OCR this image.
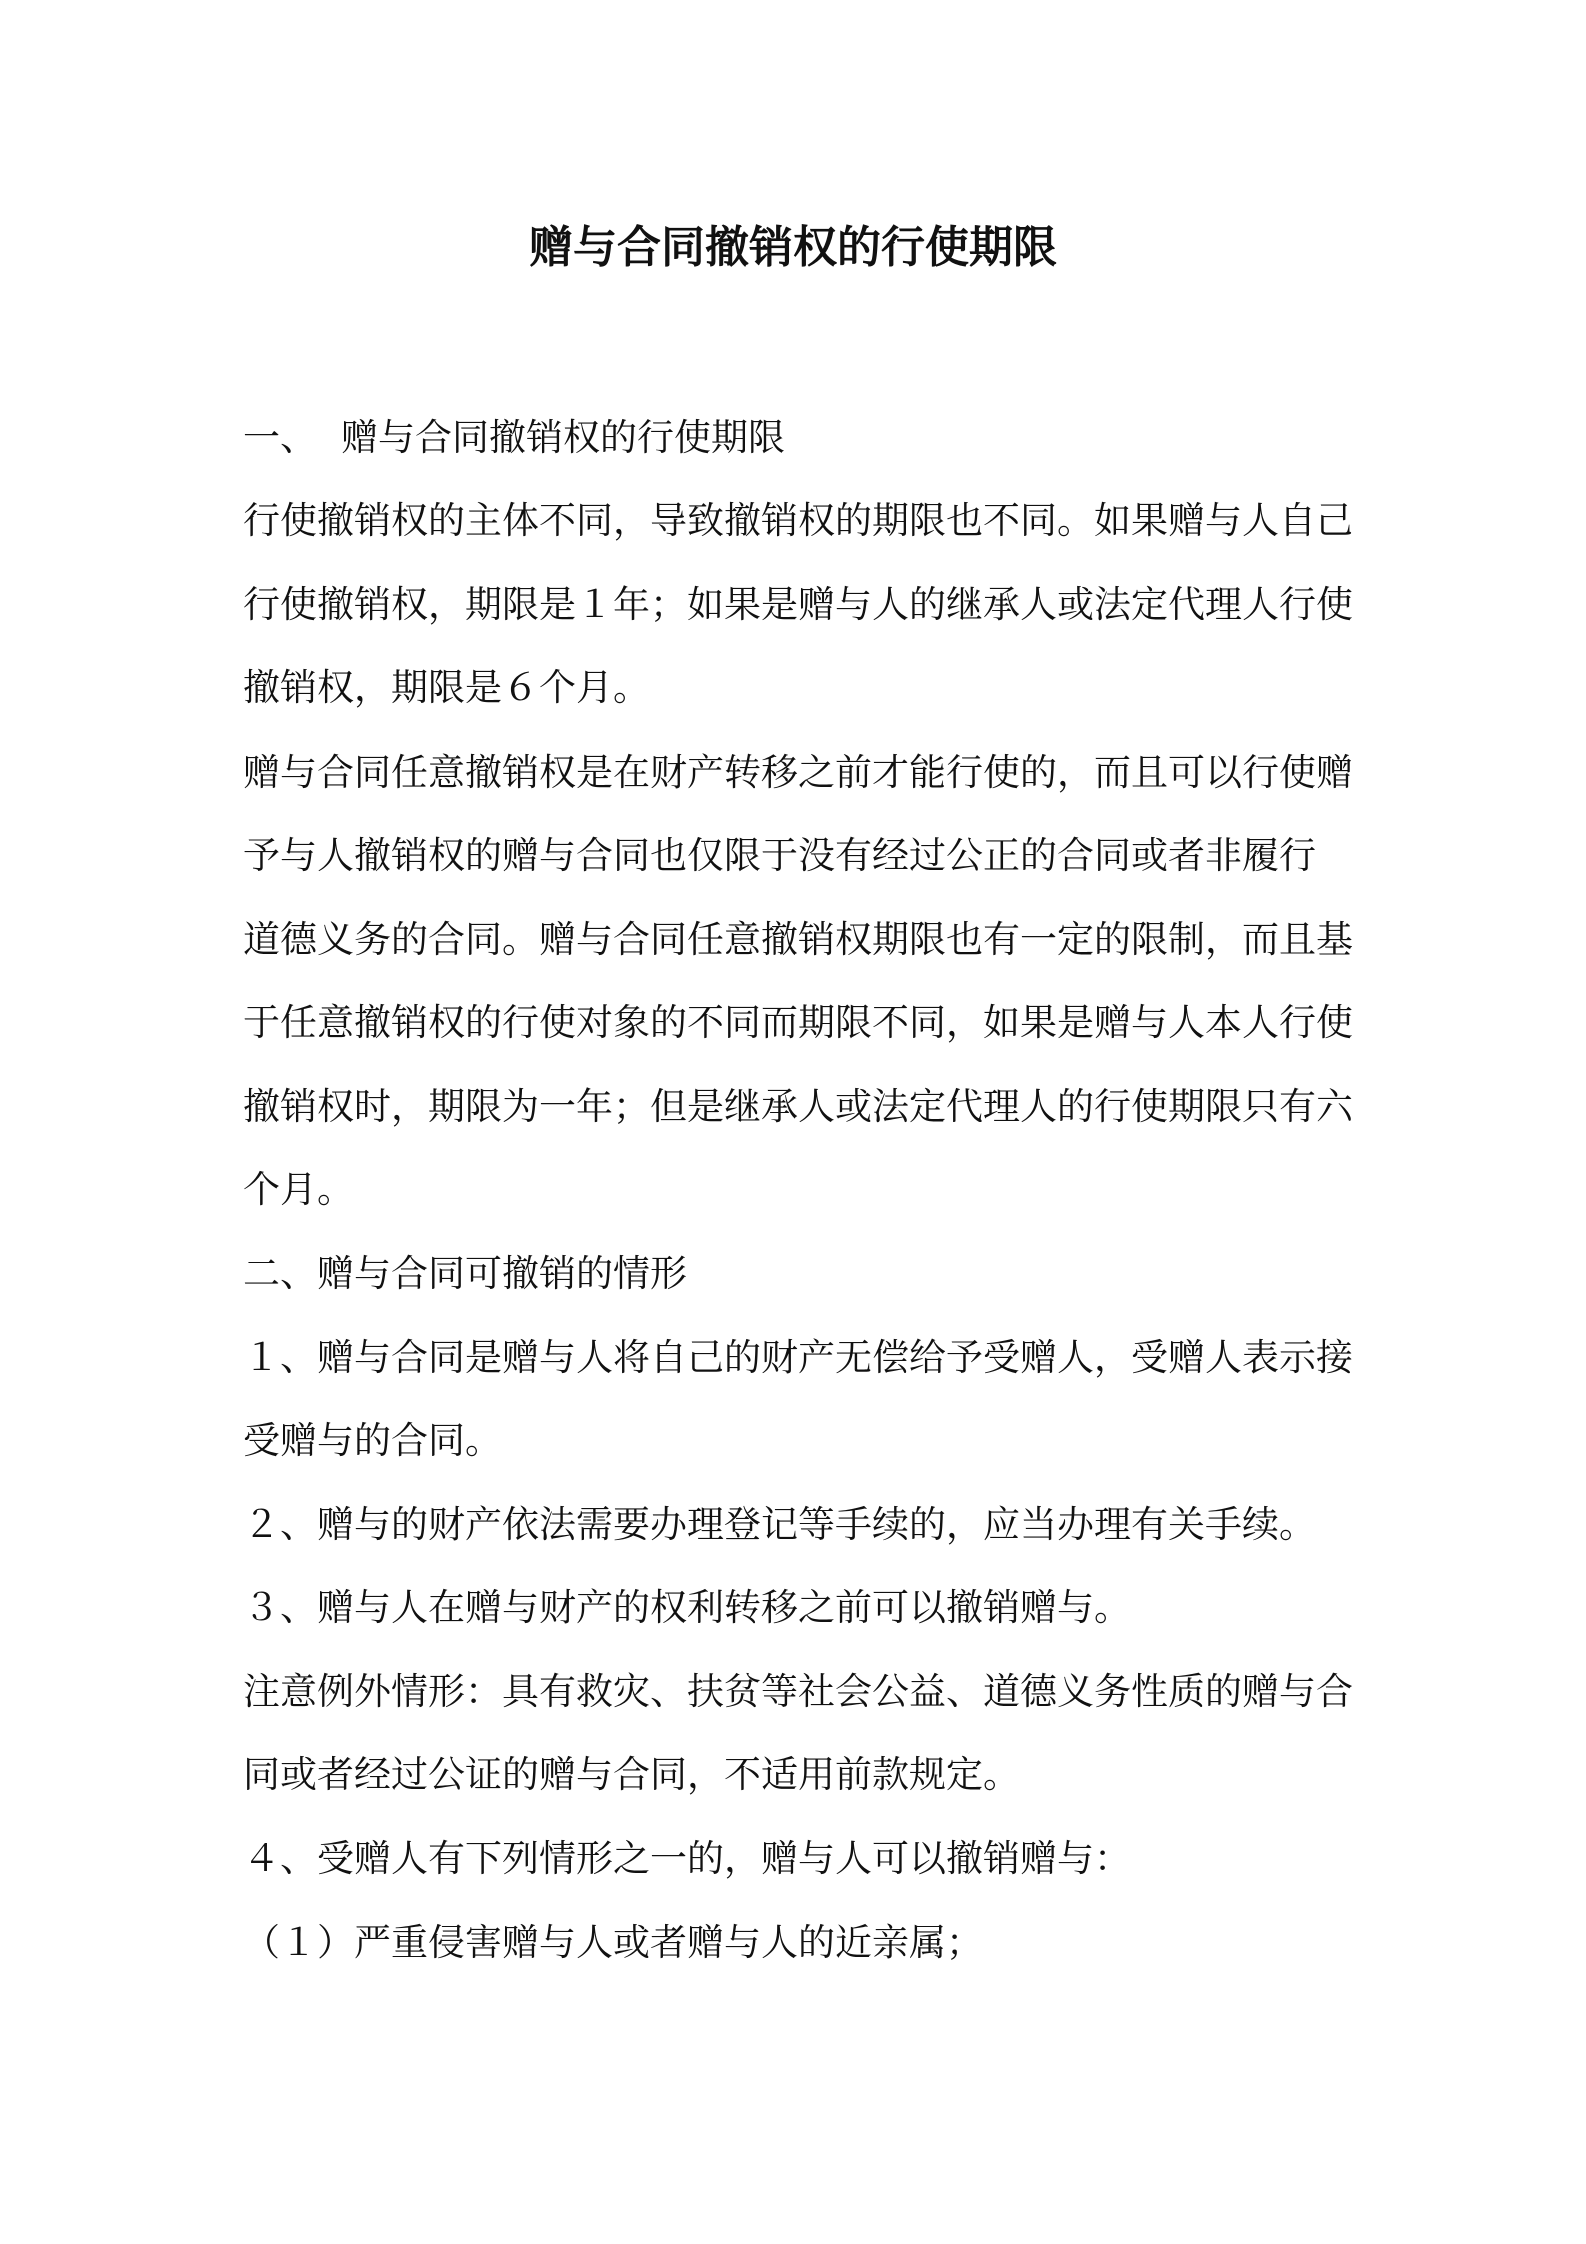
赠与合同撤销权的行使期限
一、 赠与合同撤销权的行使期限
行使撤销权的主体不同，导致撤销权的期限也不同。如果赠与人自己
行使撤销权，期限是１年；如果是赠与人的继承人或法定代理人行使
撤销权，期限是６个月。
赠与合同任意撤销权是在财产转移之前才能行使的，而且可以行使赠
予与人撤销权的赠与合同也仅限于没有经过公正的合同或者非履行
道德义务的合同。赠与合同任意撤销权期限也有一定的限制，而且基
于任意撤销权的行使对象的不同而期限不同，如果是赠与人本人行使
撤销权时，期限为一年；但是继承人或法定代理人的行使期限只有六
个月。
二、赠与合同可撤销的情形
１、赠与合同是赠与人将自己的财产无偿给予受赠人，受赠人表示接
受赠与的合同。
２、赠与的财产依法需要办理登记等手续的，应当办理有关手续。
３、赠与人在赠与财产的权利转移之前可以撤销赠与。
注意例外情形：具有救灾、扶贫等社会公益、道德义务性质的赠与合
同或者经过公证的赠与合同，不适用前款规定。
４、受赠人有下列情形之一的，赠与人可以撤销赠与：
（１）严重侵害赠与人或者赠与人的近亲属；
